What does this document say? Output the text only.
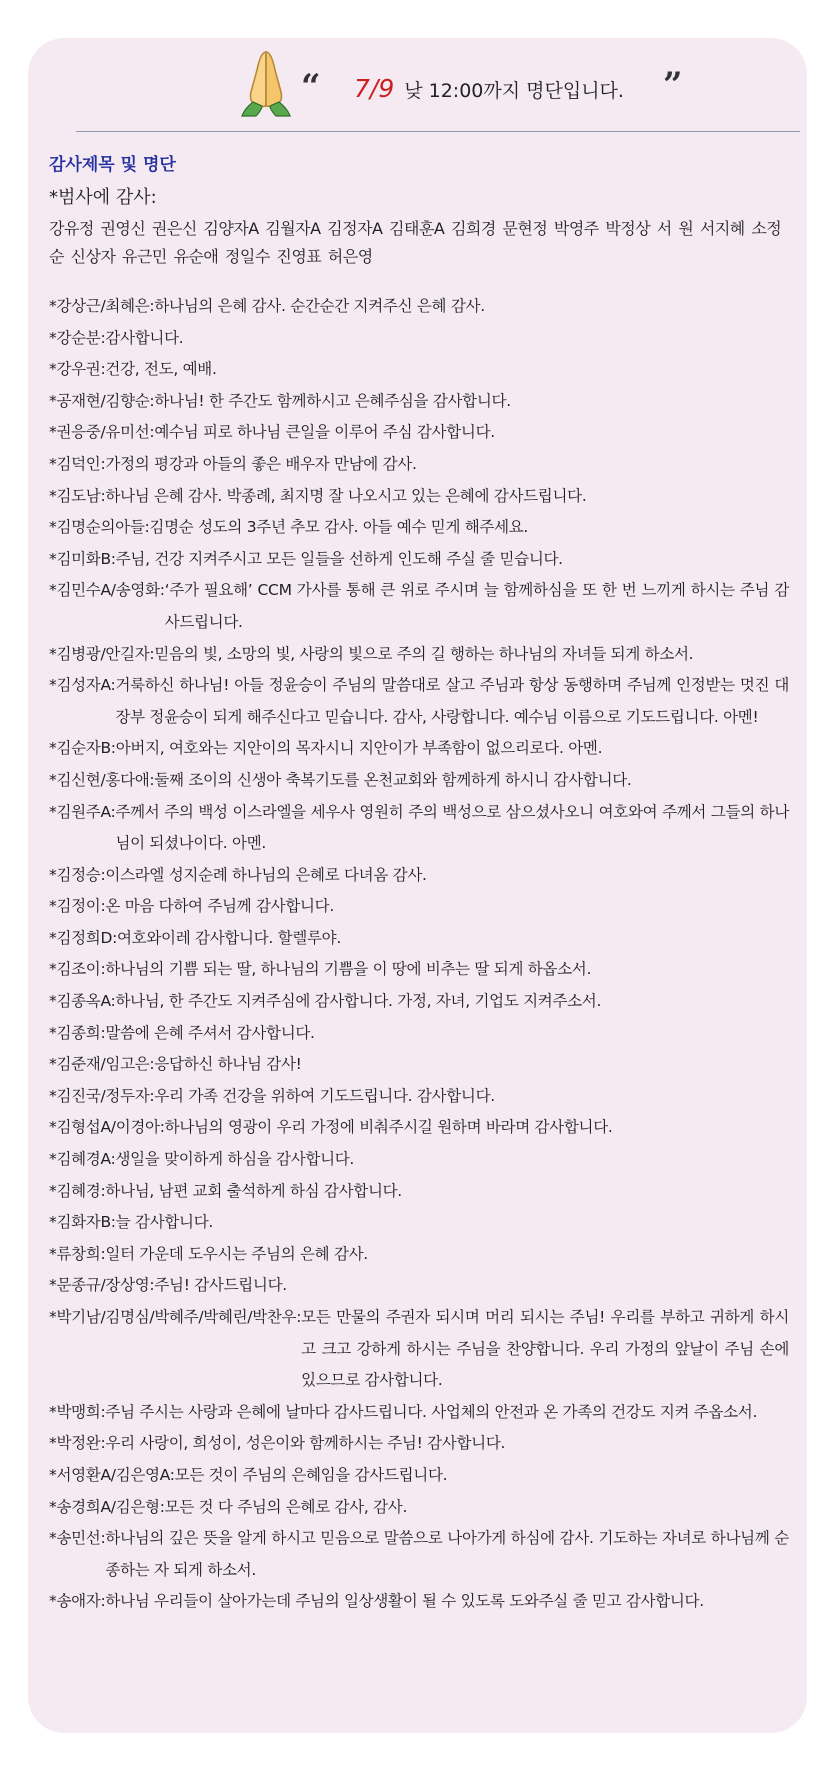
“ 7/9 낮 12:00까지 명단입니다. ”
감사제목 및 명단
*범사에 감사:
강유정 권영신 권은신 김양자A 김월자A 김정자A 김태훈A 김희경 문현정 박영주 박정상 서 원 서지혜 소정순 신상자 유근민 유순애 정일수 진영표 허은영
*강상근/최혜은: 하나님의 은혜 감사. 순간순간 지켜주신 은혜 감사.
*강순분: 감사합니다.
*강우권: 건강, 전도, 예배.
*공재현/김향순: 하나님! 한 주간도 함께하시고 은혜주심을 감사합니다.
*권응중/유미선: 예수님 피로 하나님 큰일을 이루어 주심 감사합니다.
*김덕인: 가정의 평강과 아들의 좋은 배우자 만남에 감사.
*김도남: 하나님 은혜 감사. 박종례, 최지명 잘 나오시고 있는 은혜에 감사드립니다.
*김명순의아들: 김명순 성도의 3주년 추모 감사. 아들 예수 믿게 해주세요.
*김미화B: 주님, 건강 지켜주시고 모든 일들을 선하게 인도해 주실 줄 믿습니다.
*김민수A/송영화: ‘주가 필요해’ CCM 가사를 통해 큰 위로 주시며 늘 함께하심을 또 한 번 느끼게 하시는 주님 감사드립니다.
*김병광/안길자: 믿음의 빛, 소망의 빛, 사랑의 빛으로 주의 길 행하는 하나님의 자녀들 되게 하소서.
*김성자A: 거룩하신 하나님! 아들 정윤승이 주님의 말씀대로 살고 주님과 항상 동행하며 주님께 인정받는 멋진 대장부 정윤승이 되게 해주신다고 믿습니다. 감사, 사랑합니다. 예수님 이름으로 기도드립니다. 아멘!
*김순자B: 아버지, 여호와는 지안이의 목자시니 지안이가 부족함이 없으리로다. 아멘.
*김신현/홍다애: 둘째 조이의 신생아 축복기도를 온천교회와 함께하게 하시니 감사합니다.
*김원주A: 주께서 주의 백성 이스라엘을 세우사 영원히 주의 백성으로 삼으셨사오니 여호와여 주께서 그들의 하나님이 되셨나이다. 아멘.
*김정승: 이스라엘 성지순례 하나님의 은혜로 다녀옴 감사.
*김정이: 온 마음 다하여 주님께 감사합니다.
*김정희D: 여호와이레 감사합니다. 할렐루야.
*김조이: 하나님의 기쁨 되는 딸, 하나님의 기쁨을 이 땅에 비추는 딸 되게 하옵소서.
*김종옥A: 하나님, 한 주간도 지켜주심에 감사합니다. 가정, 자녀, 기업도 지켜주소서.
*김종희: 말씀에 은혜 주셔서 감사합니다.
*김준재/임고은: 응답하신 하나님 감사!
*김진국/정두자: 우리 가족 건강을 위하여 기도드립니다. 감사합니다.
*김형섭A/이경아: 하나님의 영광이 우리 가정에 비춰주시길 원하며 바라며 감사합니다.
*김혜경A: 생일을 맞이하게 하심을 감사합니다.
*김혜경: 하나님, 남편 교회 출석하게 하심 감사합니다.
*김화자B: 늘 감사합니다.
*류창희: 일터 가운데 도우시는 주님의 은혜 감사.
*문종규/장상영: 주님! 감사드립니다.
*박기남/김명심/박혜주/박혜린/박찬우: 모든 만물의 주권자 되시며 머리 되시는 주님! 우리를 부하고 귀하게 하시고 크고 강하게 하시는 주님을 찬양합니다. 우리 가정의 앞날이 주님 손에 있으므로 감사합니다.
*박맹희: 주님 주시는 사랑과 은혜에 날마다 감사드립니다. 사업체의 안전과 온 가족의 건강도 지켜 주옵소서.
*박정완: 우리 사랑이, 희성이, 성은이와 함께하시는 주님! 감사합니다.
*서영환A/김은영A: 모든 것이 주님의 은혜임을 감사드립니다.
*송경희A/김은형: 모든 것 다 주님의 은혜로 감사, 감사.
*송민선: 하나님의 깊은 뜻을 알게 하시고 믿음으로 말씀으로 나아가게 하심에 감사. 기도하는 자녀로 하나님께 순종하는 자 되게 하소서.
*송애자: 하나님 우리들이 살아가는데 주님의 일상생활이 될 수 있도록 도와주실 줄 믿고 감사합니다.
